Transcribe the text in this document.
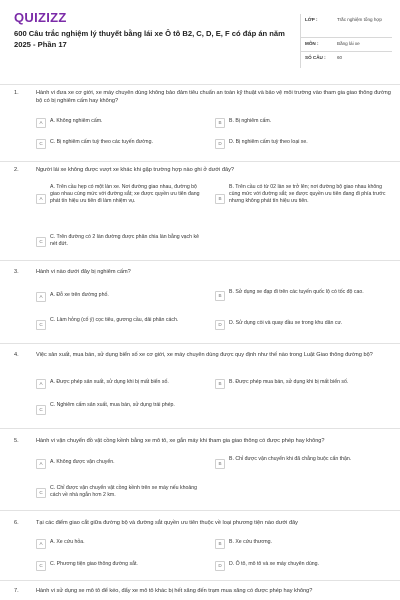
QUIZIZZ
600 Câu trắc nghiệm lý thuyết bằng lái xe Ô tô B2, C, D, E, F có đáp án năm 2025 - Phần 17
LỚP :	Trắc nghiệm tổng hợp
MÔN :	Bằng lái xe
SỐ CÂU : 60
1.	Hành vi đưa xe cơ giới, xe máy chuyên dùng không bảo đảm tiêu chuẩn an toàn kỹ thuật và bảo vệ môi trường vào tham gia giao thông đường bộ có bị nghiêm cấm hay không?
A	A. Không nghiêm cấm.	B	B. Bị nghiêm cấm.
C	C. Bị nghiêm cấm tuỳ theo các tuyến đường.	D	D. Bị nghiêm cấm tuỳ theo loại xe.
2.	Người lái xe không được vượt xe khác khi gặp trường hợp nào ghi ở dưới đây?
A
A. Trên cầu hẹp có một làn xe. Nơi đường giao nhau, đường bộ giao nhau cùng mức với đường sắt; xe được quyền ưu tiên đang phát tín hiệu ưu tiên đi làm nhiệm vụ.	B
B. Trên cầu có từ 02 làn xe trở lên; nơi đường bộ giao nhau không cùng mức với đường sắt; xe được quyền ưu tiên đang đi phía trước nhưng không phát tín hiệu ưu tiên.
C
C. Trên đường có 2 làn đường được phân chia làn bằng vạch kẻ nét đứt.
3.	Hành vi nào dưới đây bị nghiêm cấm?
A	A. Đỗ xe trên đường phố.	B
B. Sử dụng xe đạp đi trên các tuyến quốc lộ có tốc độ cao.
C
C. Làm hỏng (cố ý) cọc tiêu, gương cầu, dải phân cách.
D	D. Sử dụng còi và quay đầu xe trong khu dân cư.
4.	Việc sản xuất, mua bán, sử dụng biển số xe cơ giới, xe máy chuyên dùng được quy định như thế nào trong Luật Giao thông đường bộ?
A	A. Được phép sản xuất, sử dụng khi bị mất biển số.	B	B. Được phép mua bán, sử dụng khi bị mất biển số.
C
C. Nghiêm cấm sản xuất, mua bán, sử dụng trái phép.
5.	Hành vi vận chuyển đồ vật cồng kềnh bằng xe mô tô, xe gắn máy khi tham gia giao thông có được phép hay không?
A	A. Không được vận chuyển.	B
B. Chỉ được vận chuyển khi đã chằng buộc cẩn thận.
C
C. Chỉ được vận chuyển vật cồng kềnh trên xe máy nếu khoảng cách về nhà ngắn hơn 2 km.
6.	Tại các điểm giao cắt giữa đường bộ và đường sắt quyền ưu tiên thuộc về loại phương tiện nào dưới đây
A	A. Xe cứu hỏa.	B	B. Xe cứu thương.
C	C. Phương tiện giao thông đường sắt.	D	D. Ô tô, mô tô và xe máy chuyên dùng.
7.	Hành vi sử dụng xe mô tô để kéo, đẩy xe mô tô khác bị hết xăng đến trạm mua xăng có được phép hay không?
